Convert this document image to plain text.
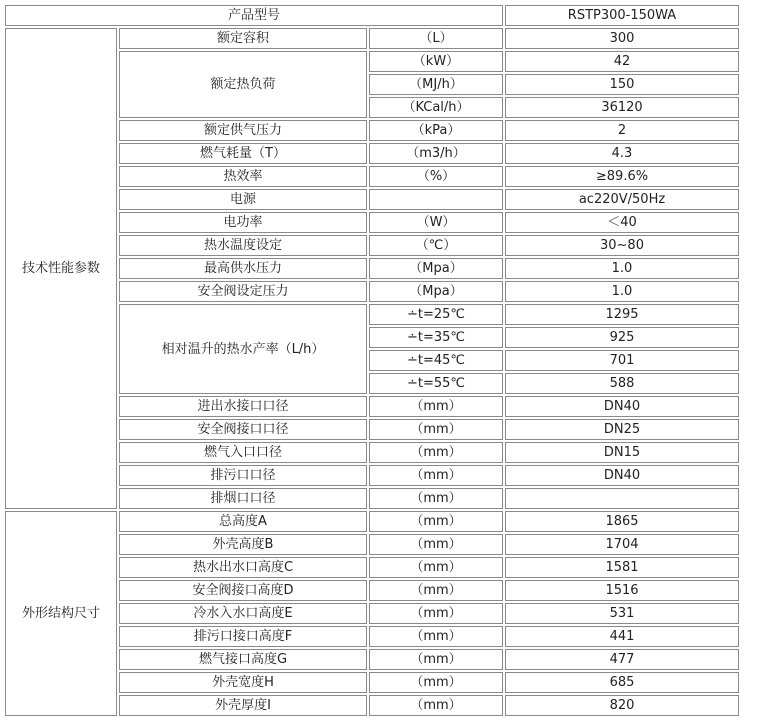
产品型号			RSTP300-150WA
技术性能参数	额定容积	（L）	300
	额定热负荷	（kW）	42
		（MJ/h）	150
		（KCal/h）	36120
	额定供气压力	（kPa）	2
	燃气耗量（T）	（m3/h）	4.3
	热效率	（%）	≥89.6%
	电源		ac220V/50Hz
	电功率	（W）	＜40
	热水温度设定	（℃）	30~80
	最高供水压力	（Mpa）	1.0
	安全阀设定压力	（Mpa）	1.0
	相对温升的热水产率（L/h）	∸t=25℃	1295
		∸t=35℃	925
		∸t=45℃	701
		∸t=55℃	588
	进出水接口口径	（mm）	DN40
	安全阀接口口径	（mm）	DN25
	燃气入口口径	（mm）	DN15
	排污口口径	（mm）	DN40
	排烟口口径	（mm）	
外形结构尺寸	总高度A	（mm）	1865
	外壳高度B	（mm）	1704
	热水出水口高度C	（mm）	1581
	安全阀接口高度D	（mm）	1516
	冷水入水口高度E	（mm）	531
	排污口接口高度F	（mm）	441
	燃气接口高度G	（mm）	477
	外壳宽度H	（mm）	685
	外壳厚度I	（mm）	820
